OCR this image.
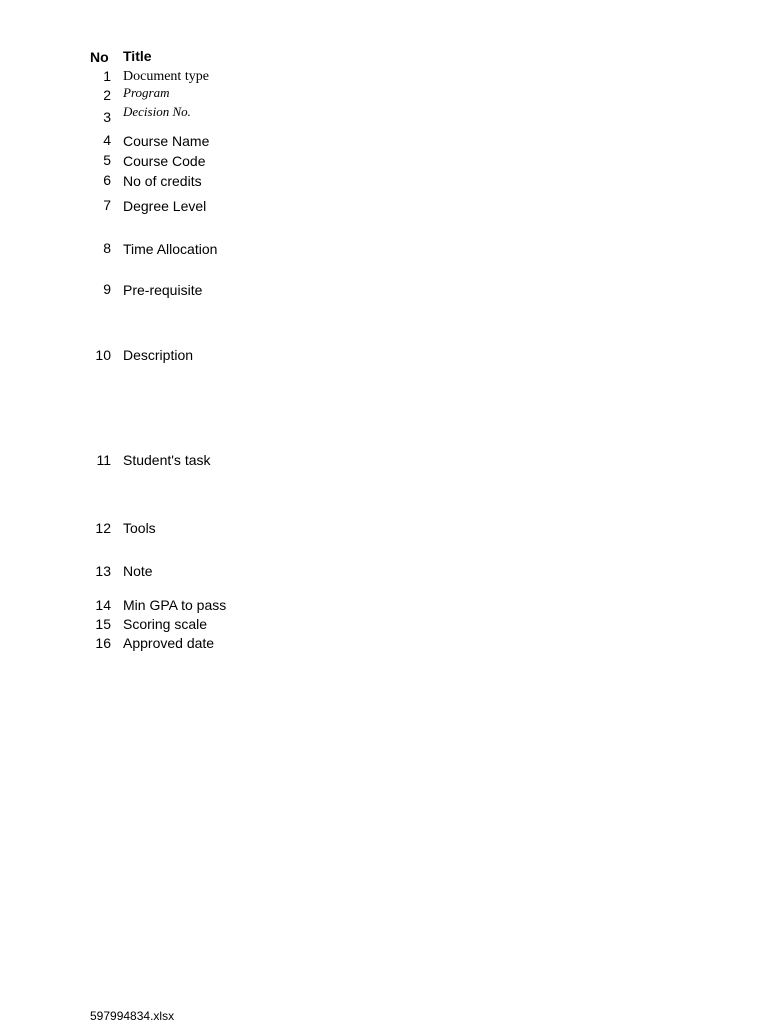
No Title
1 Document type
2 Program
3 Decision No.
4 Course Name
5 Course Code
6 No of credits
7 Degree Level
8 Time Allocation
9 Pre-requisite
10 Description
11 Student's task
12 Tools
13 Note
14 Min GPA to pass
15 Scoring scale
16 Approved date
597994834.xlsx
